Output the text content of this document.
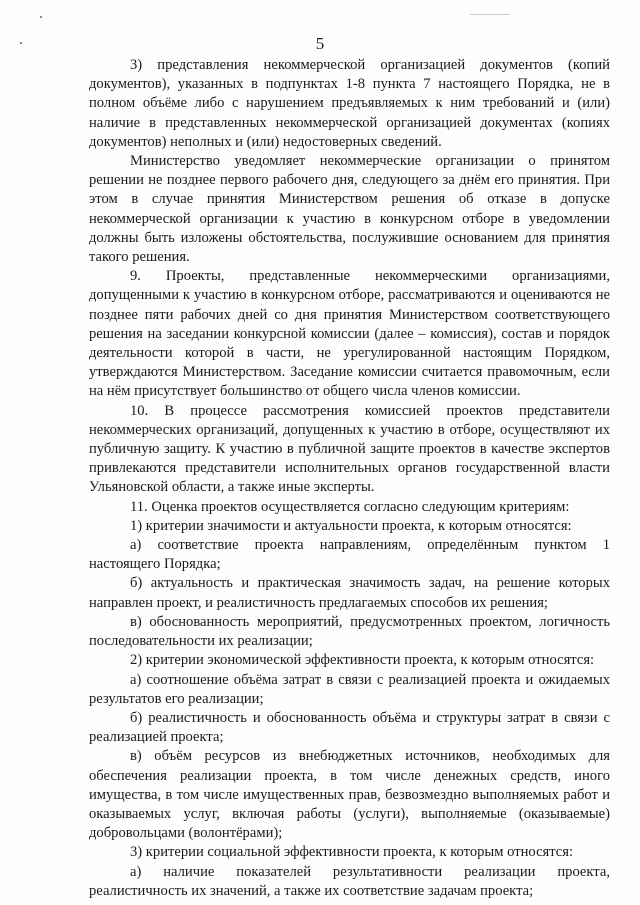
5

3) представления некоммерческой организацией документов (копий документов), указанных в подпунктах 1-8 пункта 7 настоящего Порядка, не в полном объёме либо с нарушением предъявляемых к ним требований и (или) наличие в представленных некоммерческой организацией документах (копиях документов) неполных и (или) недостоверных сведений.

Министерство уведомляет некоммерческие организации о принятом решении не позднее первого рабочего дня, следующего за днём его принятия. При этом в случае принятия Министерством решения об отказе в допуске некоммерческой организации к участию в конкурсном отборе в уведомлении должны быть изложены обстоятельства, послужившие основанием для принятия такого решения.

9. Проекты, представленные некоммерческими организациями, допущенными к участию в конкурсном отборе, рассматриваются и оцениваются не позднее пяти рабочих дней со дня принятия Министерством соответствующего решения на заседании конкурсной комиссии (далее – комиссия), состав и порядок деятельности которой в части, не урегулированной настоящим Порядком, утверждаются Министерством. Заседание комиссии считается правомочным, если на нём присутствует большинство от общего числа членов комиссии.

10. В процессе рассмотрения комиссией проектов представители некоммерческих организаций, допущенных к участию в отборе, осуществляют их публичную защиту. К участию в публичной защите проектов в качестве экспертов привлекаются представители исполнительных органов государственной власти Ульяновской области, а также иные эксперты.

11. Оценка проектов осуществляется согласно следующим критериям:

1) критерии значимости и актуальности проекта, к которым относятся:

а) соответствие проекта направлениям, определённым пунктом 1 настоящего Порядка;

б) актуальность и практическая значимость задач, на решение которых направлен проект, и реалистичность предлагаемых способов их решения;

в) обоснованность мероприятий, предусмотренных проектом, логичность последовательности их реализации;

2) критерии экономической эффективности проекта, к которым относятся:

а) соотношение объёма затрат в связи с реализацией проекта и ожидаемых результатов его реализации;

б) реалистичность и обоснованность объёма и структуры затрат в связи с реализацией проекта;

в) объём ресурсов из внебюджетных источников, необходимых для обеспечения реализации проекта, в том числе денежных средств, иного имущества, в том числе имущественных прав, безвозмездно выполняемых работ и оказываемых услуг, включая работы (услуги), выполняемые (оказываемые) добровольцами (волонтёрами);

3) критерии социальной эффективности проекта, к которым относятся:

а) наличие показателей результативности реализации проекта, реалистичность их значений, а также их соответствие задачам проекта;
